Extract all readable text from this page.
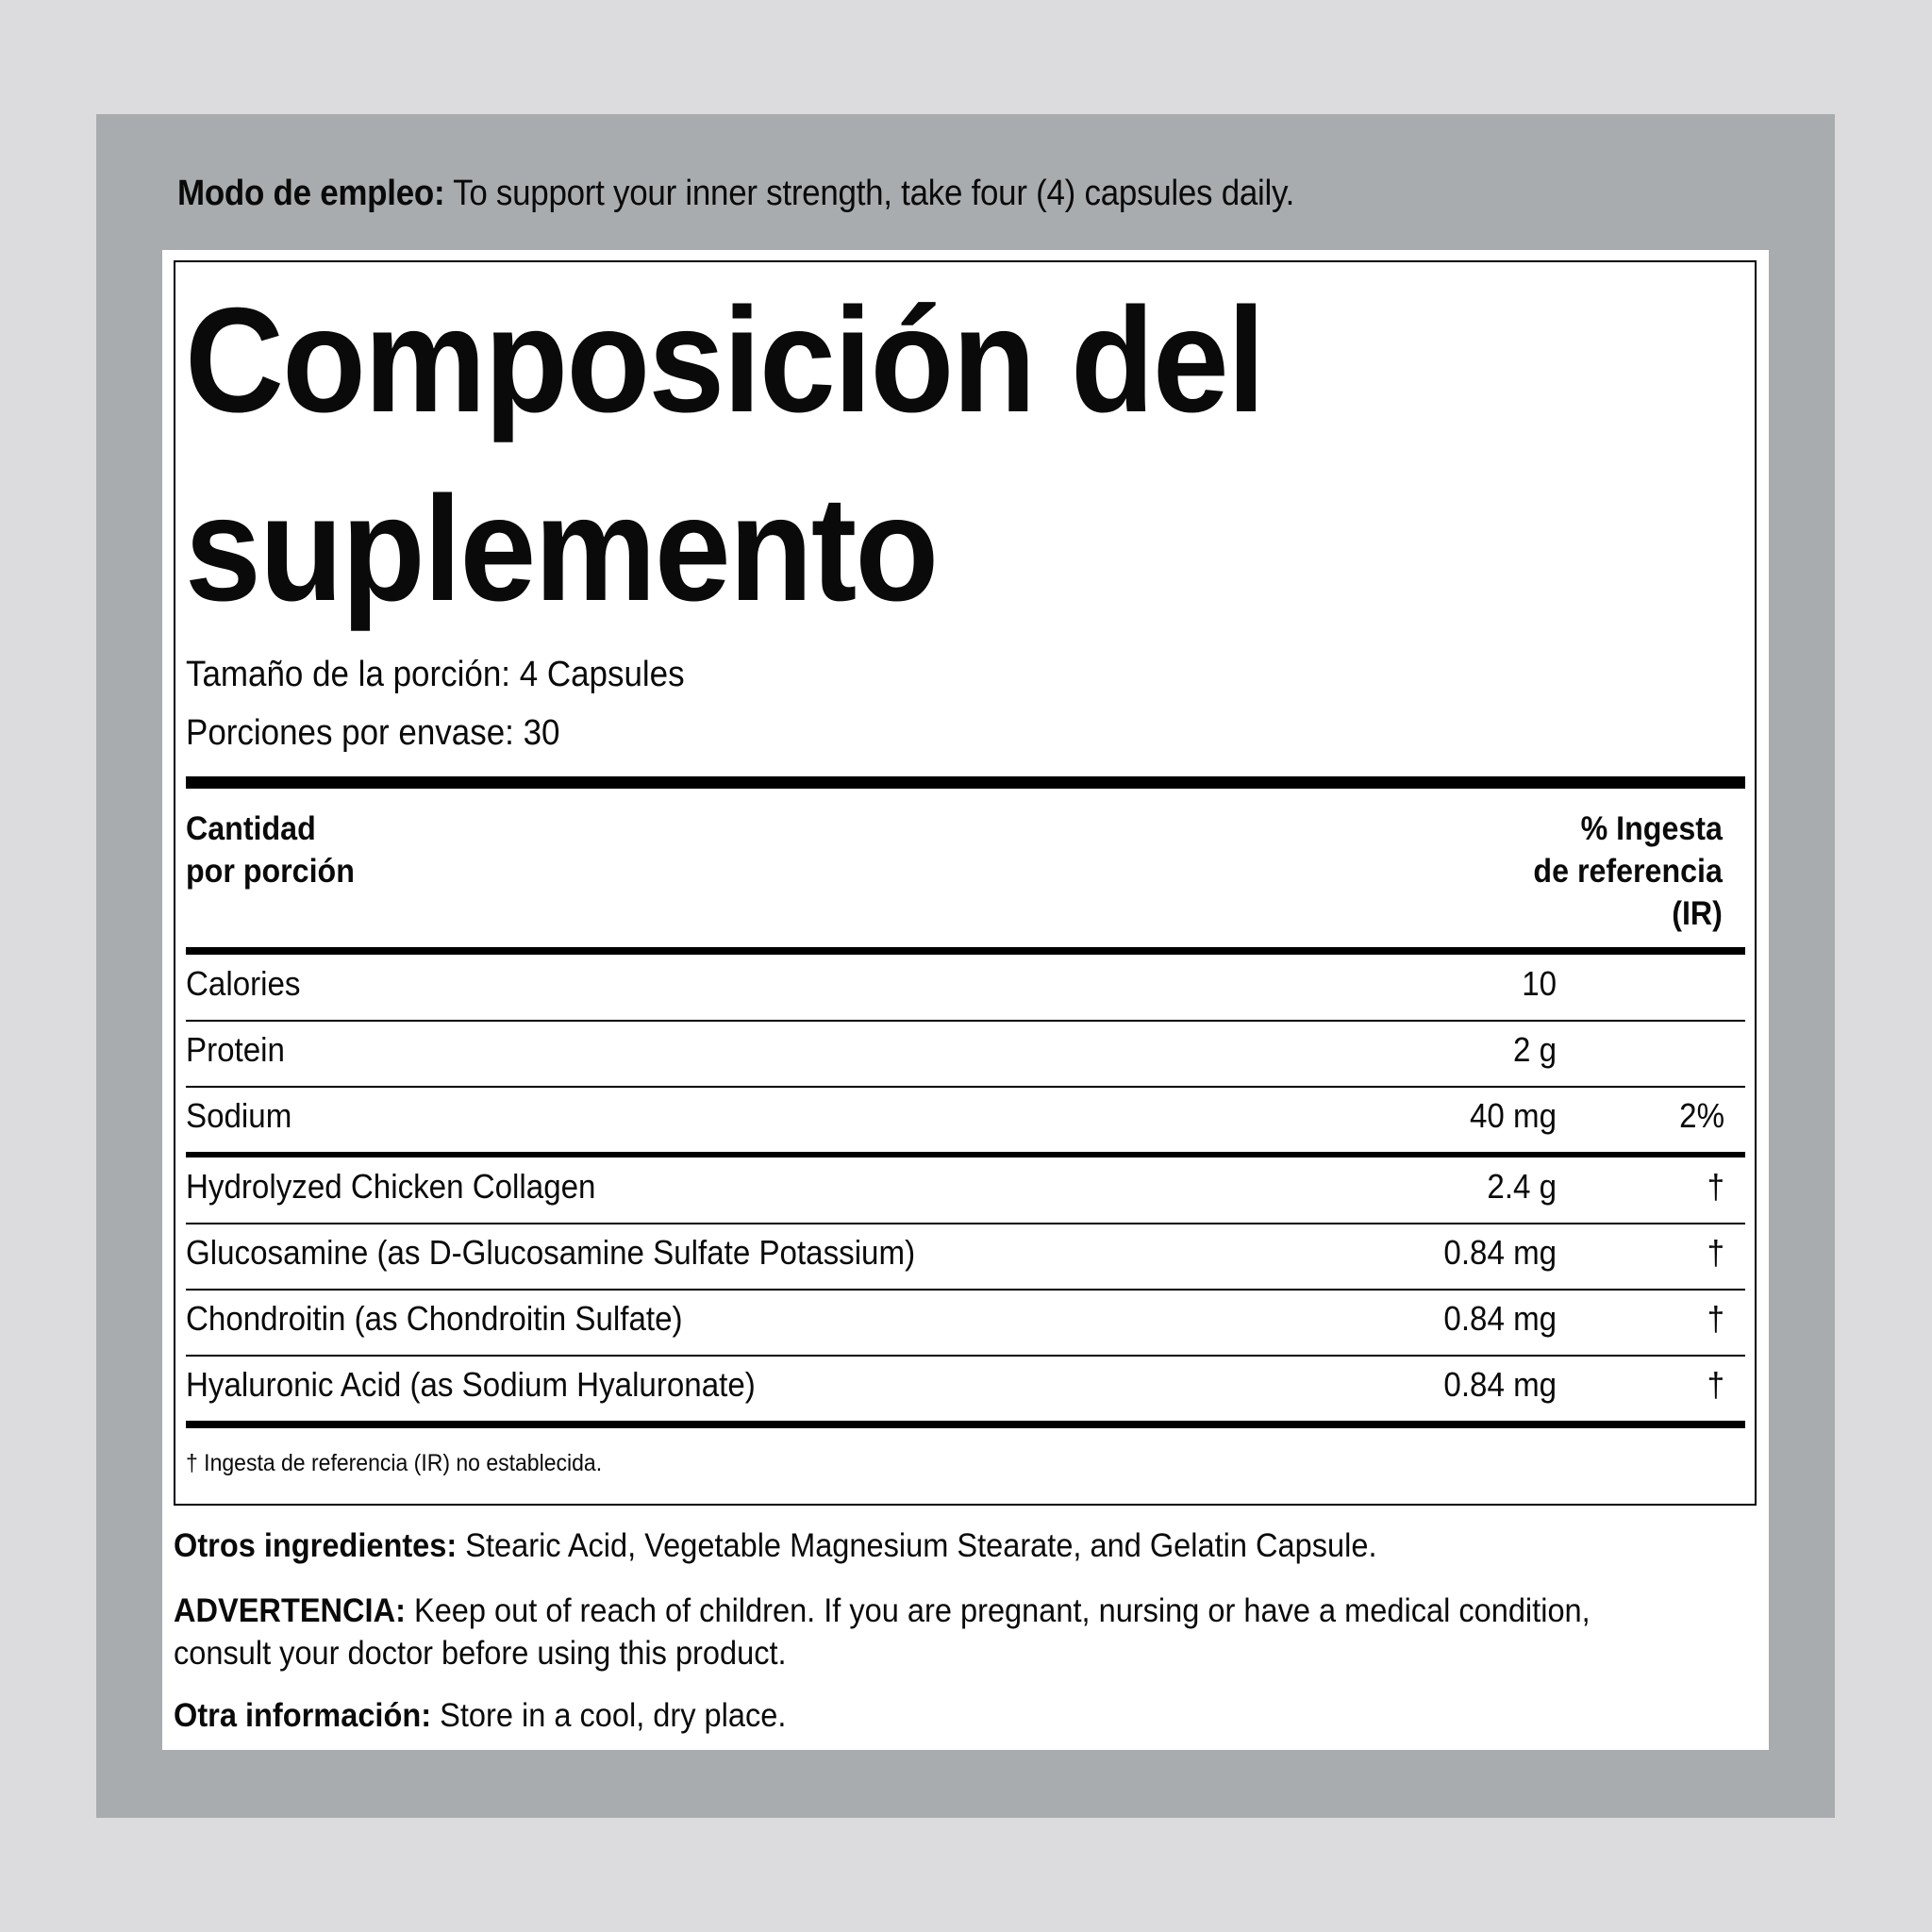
Modo de empleo: To support your inner strength, take four (4) capsules daily.
Composición del
suplemento
Tamaño de la porción: 4 Capsules
Porciones por envase: 30
Cantidad
por porción
% Ingesta
de referencia
(IR)
Calories	10
Protein	2 g
Sodium	40 mg	2%
Hydrolyzed Chicken Collagen	2.4 g	†
Glucosamine (as D-Glucosamine Sulfate Potassium)	0.84 mg	†
Chondroitin (as Chondroitin Sulfate)	0.84 mg	†
Hyaluronic Acid (as Sodium Hyaluronate)	0.84 mg	†
† Ingesta de referencia (IR) no establecida.
Otros ingredientes: Stearic Acid, Vegetable Magnesium Stearate, and Gelatin Capsule.
ADVERTENCIA: Keep out of reach of children. If you are pregnant, nursing or have a medical condition, consult your doctor before using this product.
Otra información: Store in a cool, dry place.
